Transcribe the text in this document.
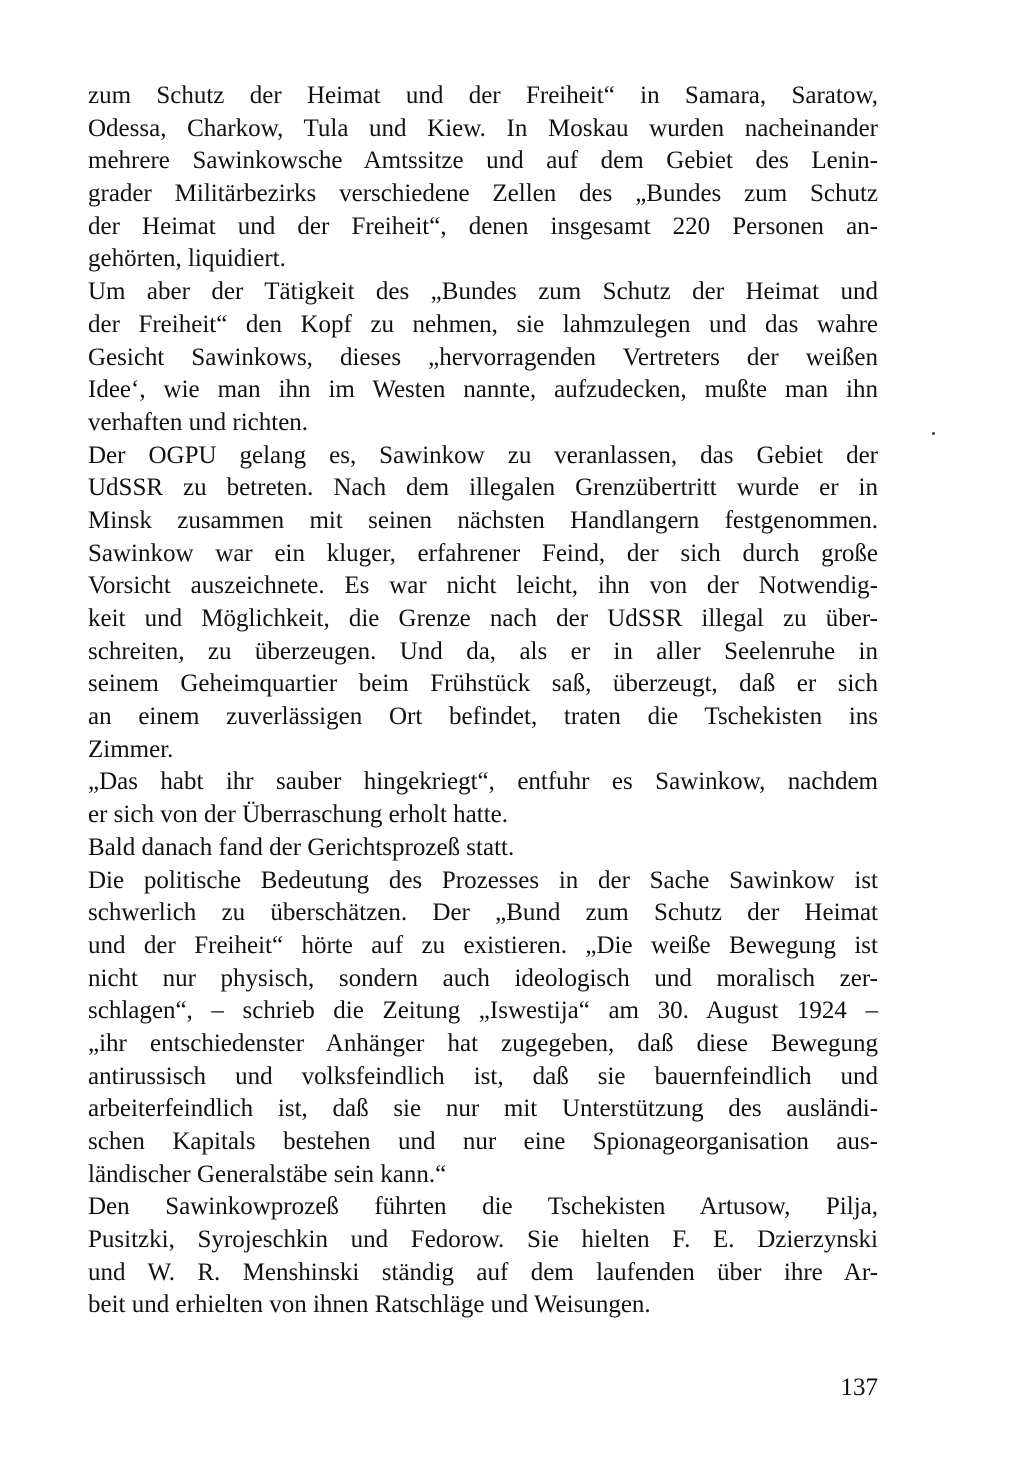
zum Schutz der Heimat und der Freiheit“ in Samara, Saratow,
Odessa, Charkow, Tula und Kiew. In Moskau wurden nacheinander
mehrere Sawinkowsche Amtssitze und auf dem Gebiet des Lenin-
grader Militärbezirks verschiedene Zellen des „Bundes zum Schutz
der Heimat und der Freiheit“, denen insgesamt 220 Personen an-
gehörten, liquidiert.
Um aber der Tätigkeit des „Bundes zum Schutz der Heimat und
der Freiheit“ den Kopf zu nehmen, sie lahmzulegen und das wahre
Gesicht Sawinkows, dieses „hervorragenden Vertreters der weißen
Idee‘, wie man ihn im Westen nannte, aufzudecken, mußte man ihn
verhaften und richten.
Der OGPU gelang es, Sawinkow zu veranlassen, das Gebiet der
UdSSR zu betreten. Nach dem illegalen Grenzübertritt wurde er in
Minsk zusammen mit seinen nächsten Handlangern festgenommen.
Sawinkow war ein kluger, erfahrener Feind, der sich durch große
Vorsicht auszeichnete. Es war nicht leicht, ihn von der Notwendig-
keit und Möglichkeit, die Grenze nach der UdSSR illegal zu über-
schreiten, zu überzeugen. Und da, als er in aller Seelenruhe in
seinem Geheimquartier beim Frühstück saß, überzeugt, daß er sich
an einem zuverlässigen Ort befindet, traten die Tschekisten ins
Zimmer.
„Das habt ihr sauber hingekriegt“, entfuhr es Sawinkow, nachdem
er sich von der Überraschung erholt hatte.
Bald danach fand der Gerichtsprozeß statt.
Die politische Bedeutung des Prozesses in der Sache Sawinkow ist
schwerlich zu überschätzen. Der „Bund zum Schutz der Heimat
und der Freiheit“ hörte auf zu existieren. „Die weiße Bewegung ist
nicht nur physisch, sondern auch ideologisch und moralisch zer-
schlagen“, – schrieb die Zeitung „Iswestija“ am 30. August 1924 –
„ihr entschiedenster Anhänger hat zugegeben, daß diese Bewegung
antirussisch und volksfeindlich ist, daß sie bauernfeindlich und
arbeiterfeindlich ist, daß sie nur mit Unterstützung des ausländi-
schen Kapitals bestehen und nur eine Spionageorganisation aus-
ländischer Generalstäbe sein kann.“
Den Sawinkowprozeß führten die Tschekisten Artusow, Pilja,
Pusitzki, Syrojeschkin und Fedorow. Sie hielten F. E. Dzierzynski
und W. R. Menshinski ständig auf dem laufenden über ihre Ar-
beit und erhielten von ihnen Ratschläge und Weisungen.
137
